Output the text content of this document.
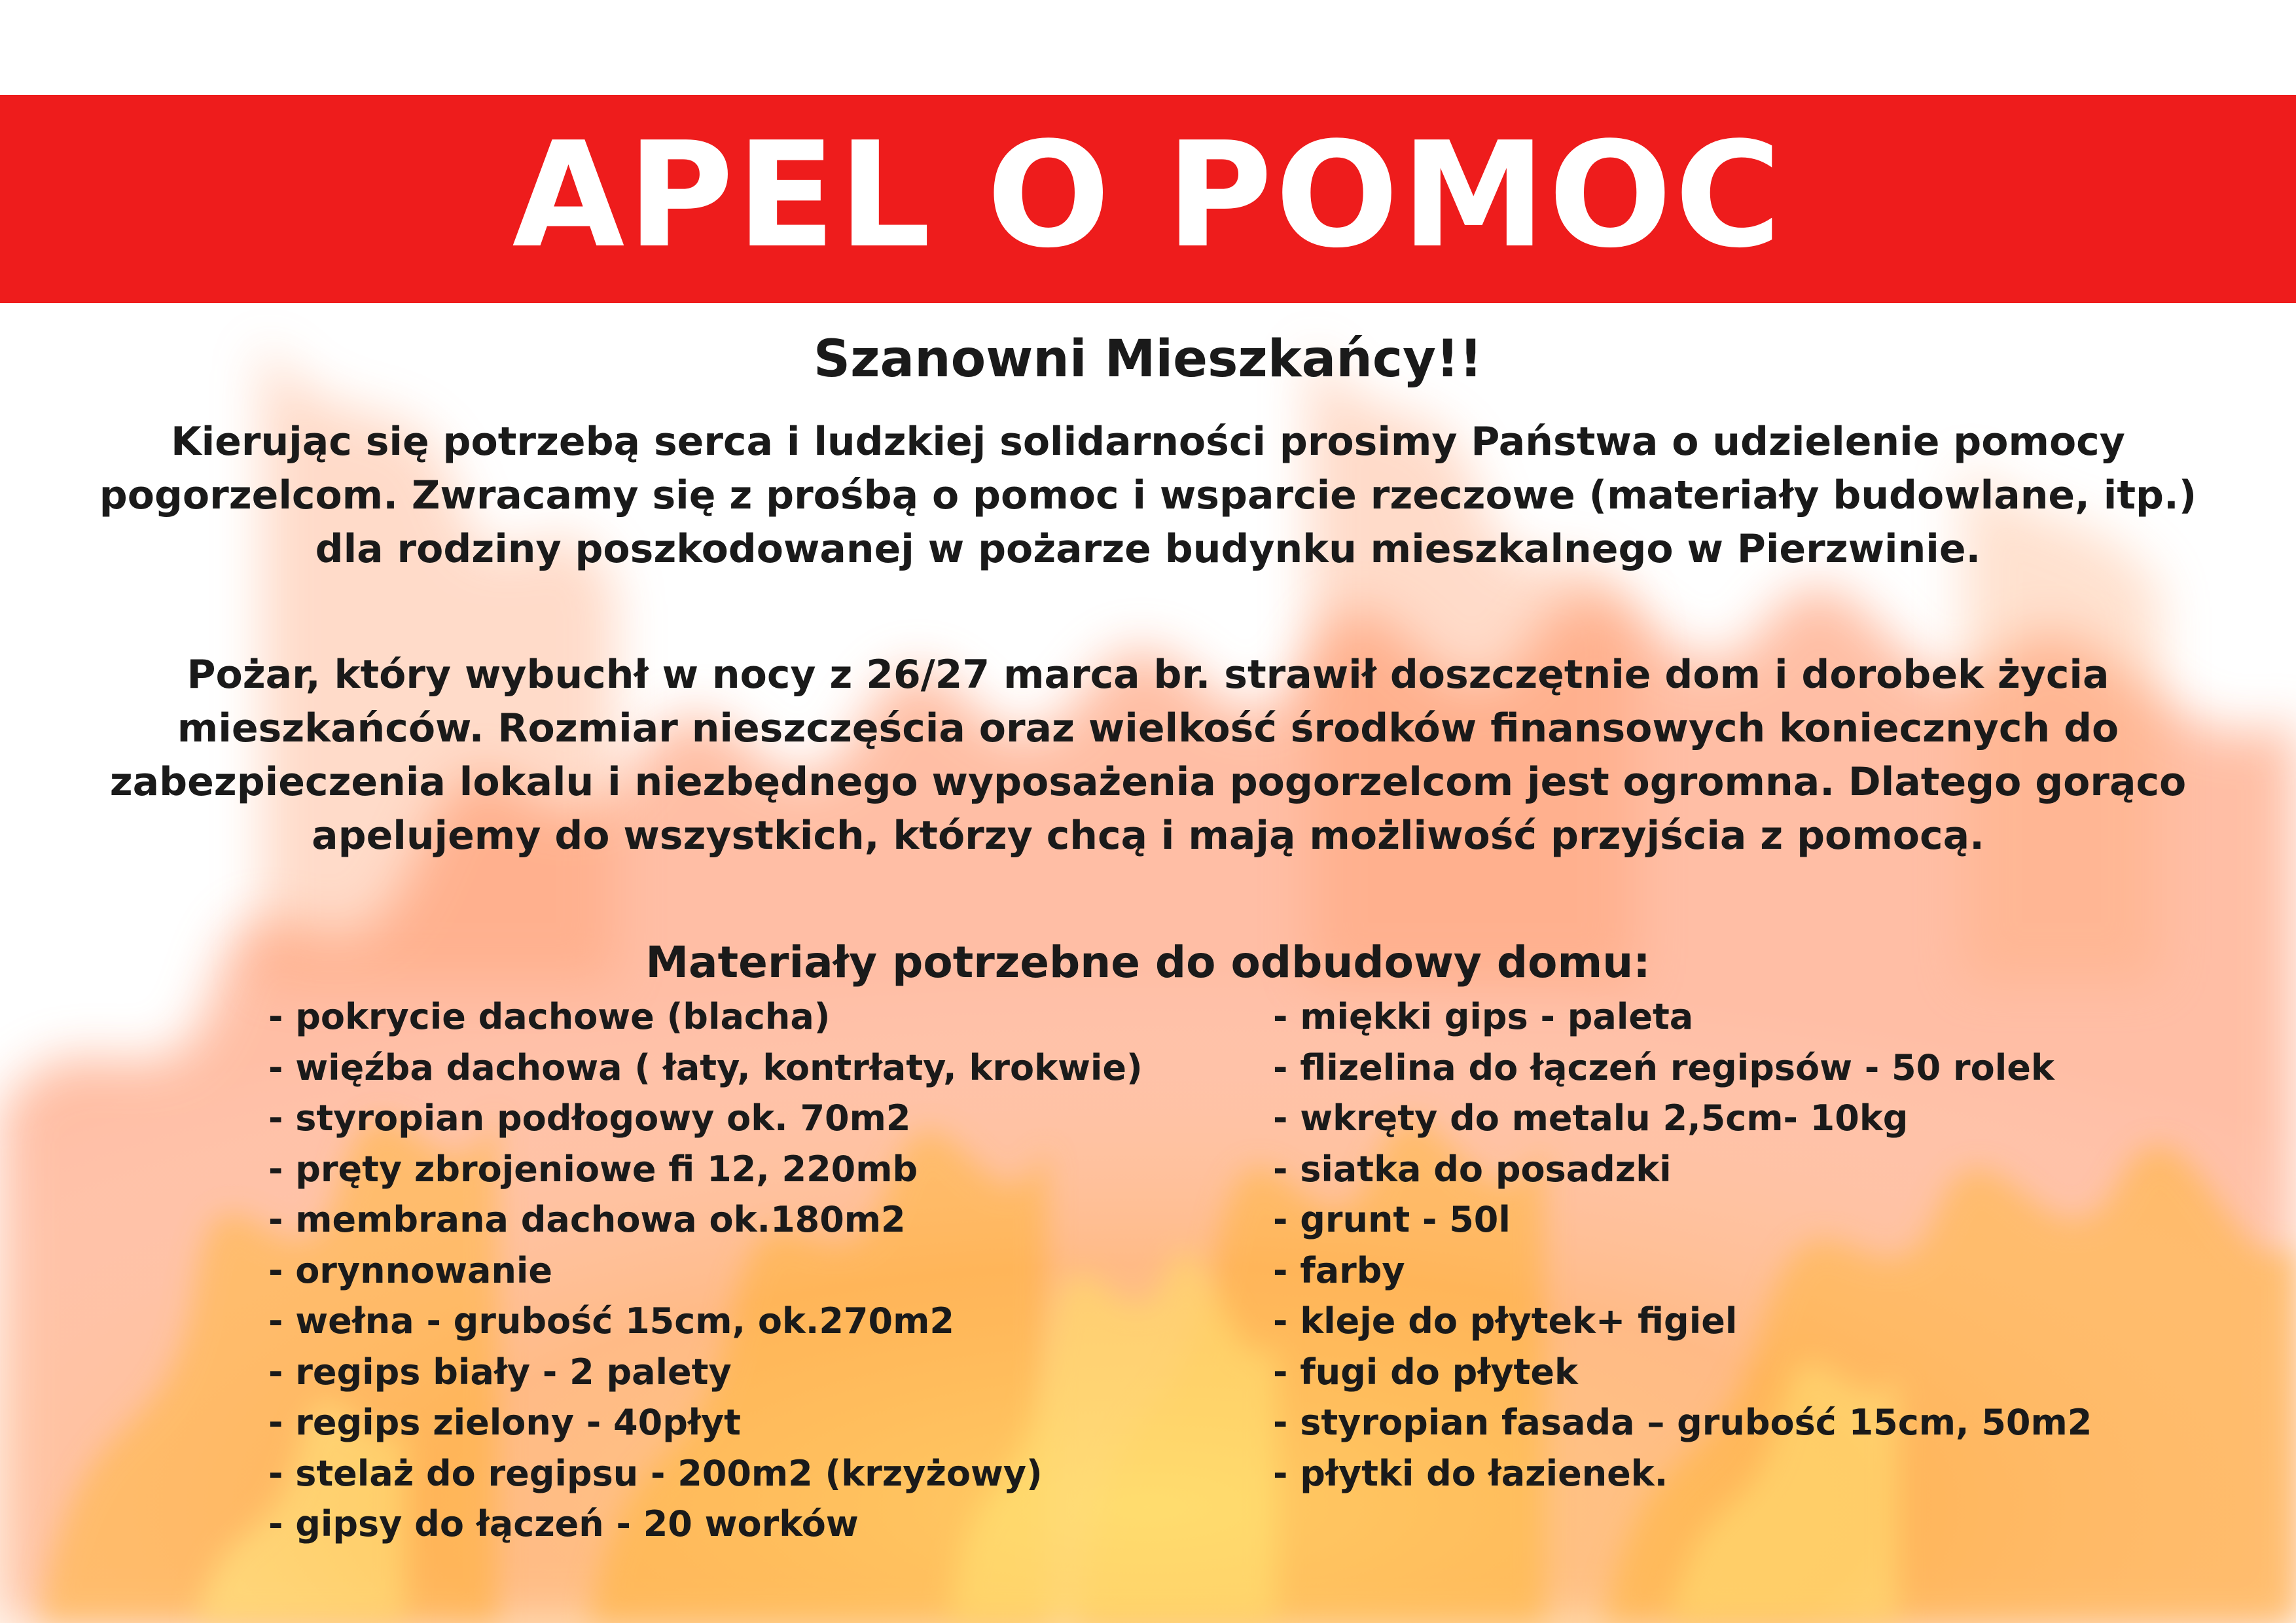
APEL O POMOC
Szanowni Mieszkańcy!!
Kierując się potrzebą serca i ludzkiej solidarności prosimy Państwa o udzielenie pomocy
pogorzelcom. Zwracamy się z prośbą o pomoc i wsparcie rzeczowe (materiały budowlane, itp.)
dla rodziny poszkodowanej w pożarze budynku mieszkalnego w Pierzwinie.
Pożar, który wybuchł w nocy z 26/27 marca br. strawił doszczętnie dom i dorobek życia
mieszkańców. Rozmiar nieszczęścia oraz wielkość środków finansowych koniecznych do
zabezpieczenia lokalu i niezbędnego wyposażenia pogorzelcom jest ogromna. Dlatego gorąco
apelujemy do wszystkich, którzy chcą i mają możliwość przyjścia z pomocą.
Materiały potrzebne do odbudowy domu:
- pokrycie dachowe (blacha)
- więźba dachowa ( łaty, kontrłaty, krokwie)
- styropian podłogowy ok. 70m2
- pręty zbrojeniowe fi 12, 220mb
- membrana dachowa ok.180m2
- orynnowanie
- wełna - grubość 15cm, ok.270m2
- regips biały - 2 palety
- regips zielony - 40płyt
- stelaż do regipsu - 200m2 (krzyżowy)
- gipsy do łączeń - 20 worków
- miękki gips - paleta
- flizelina do łączeń regipsów - 50 rolek
- wkręty do metalu 2,5cm- 10kg
- siatka do posadzki
- grunt - 50l
- farby
- kleje do płytek+ figiel
- fugi do płytek
- styropian fasada – grubość 15cm, 50m2
- płytki do łazienek.
